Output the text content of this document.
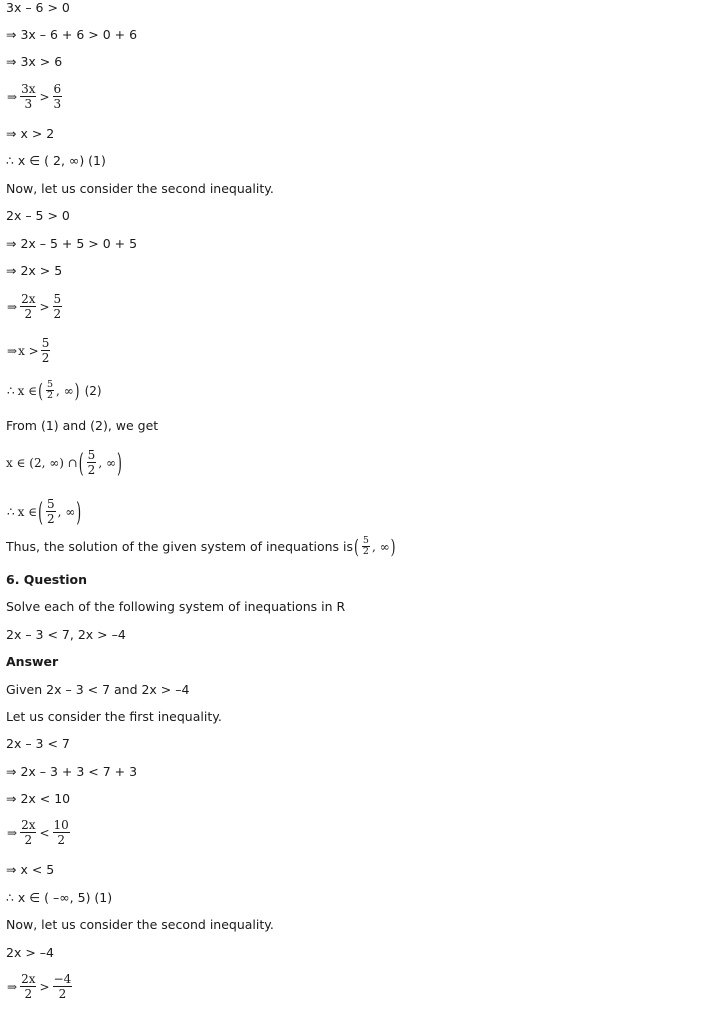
3x – 6 > 0
⇒ 3x – 6 + 6 > 0 + 6
⇒ 3x > 6
⇒ $\frac{3x}{3} > \frac{6}{3}$
⇒ x > 2
∴ x ∈ ( 2, ∞) (1)
Now, let us consider the second inequality.
2x – 5 > 0
⇒ 2x – 5 + 5 > 0 + 5
⇒ 2x > 5
⇒ $\frac{2x}{2} > \frac{5}{2}$
⇒ $x > \frac{5}{2}$
∴ x ∈ ( $\frac{5}{2}$ , ∞ ) (2)
From (1) and (2), we get
x ∈ (2, ∞) ∩ ( $\frac{5}{2}$ , ∞ )
∴ x ∈ ( $\frac{5}{2}$ , ∞ )
Thus, the solution of the given system of inequations is ( $\frac{5}{2}$ , ∞ )
6. Question
Solve each of the following system of inequations in R
2x – 3 < 7, 2x > –4
Answer
Given 2x – 3 < 7 and 2x > –4
Let us consider the first inequality.
2x – 3 < 7
⇒ 2x – 3 + 3 < 7 + 3
⇒ 2x < 10
⇒ $\frac{2x}{2} < \frac{10}{2}$
⇒ x < 5
∴ x ∈ ( –∞, 5) (1)
Now, let us consider the second inequality.
2x > –4
⇒ $\frac{2x}{2} > \frac{-4}{2}$
